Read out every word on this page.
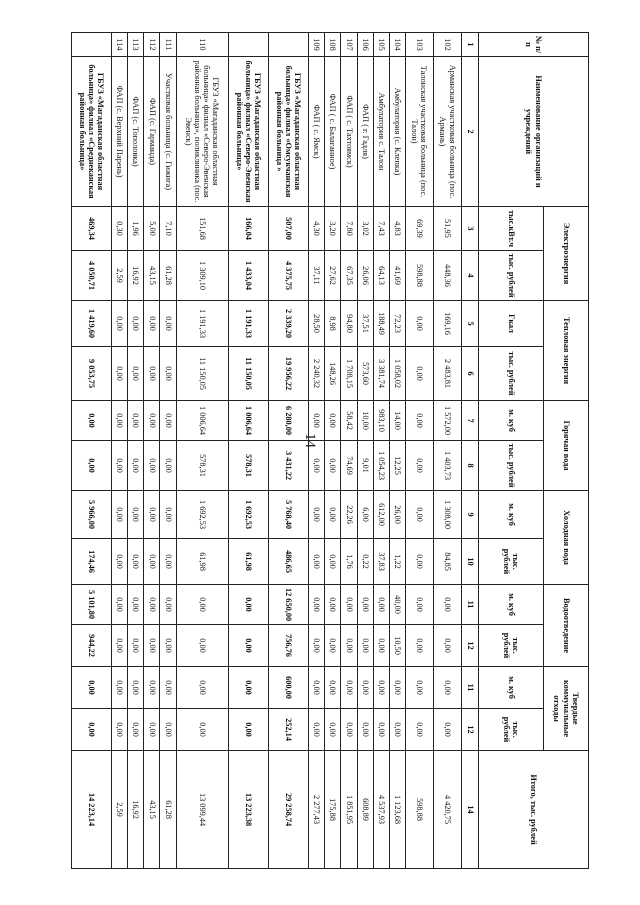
14
№ п/п	Наименование организаций и учреждений	Электроэнергия		Тепловая энергия		Горячая вода		Холодная вода		Водоотведение		Твердые коммунальные отходы		Итого, тыс. рублей
		тыс.кВт.ч	тыс. рублей	Гкал	тыс. рублей	м. куб	тыс. рублей	м. куб	тыс. рублей	м. куб	тыс. рублей	м. куб	тыс. рублей	
1	2	3	4	5	6	7	8	9	10	11	12	11	12	14
102	Арманская участковая больница (пос. Армань)	51,95	448,36	169,16	2 483,81	1 572,00	1 403,73	1 308,00	84,85	0,00	0,00	0,00	0,00	4 420,75
103	Талонская участковая больница (пос. Талон)	69,39	598,88	0,00	0,00	0,00	0,00	0,00	0,00	0,00	0,00	0,00	0,00	598,88
104	Амбулатория (с. Клепка)	4,83	41,69	72,23	1 058,02	14,00	12,25	26,00	1,22	40,00	10,50	0,00	0,00	1 123,68
105	Амбулатория с. Талон	7,43	64,13	188,49	3 381,74	983,10	1 054,23	612,00	37,83	0,00	0,00	0,00	0,00	4 537,93
106	ФАП ( г. Гадля)	3,02	26,06	37,51	573,60	10,00	9,01	6,00	0,22	0,00	0,00	0,00	0,00	608,89
107	ФАП ( с. Тахтоямск)	7,80	67,35	94,80	1 708,15	58,42	74,69	22,26	1,76	0,00	0,00	0,00	0,00	1 851,95
108	ФАП ( с. Балаганное)	3,20	27,62	8,98	148,26	0,00	0,00	0,00	0,00	0,00	0,00	0,00	0,00	175,88
109	ФАП ( с. Ямск)	4,30	37,11	28,50	2 240,32	0,00	0,00	0,00	0,00	0,00	0,00	0,00	0,00	2 277,43
	ГБУЗ «Магаданская областная больница» филиал «Омсукчанская районная больница »	507,00	4 375,75	2 339,20	19 956,22	6 280,00	3 431,22	5 768,40	486,65	12 650,00	756,76	600,00	252,14	29 258,74
	ГБУЗ «Магаданская областная больница» филиал «Северо-Эвенская районная больница»	166,04	1 433,04	1 191,33	11 150,05	1 006,64	578,31	1 692,53	61,98	0,00	0,00	0,00	0,00	13 223,38
110	ГБУЗ «Магаданская областная больница» филиал «Северо-Эвенская районная больница», поликлиника (пос. Эвенск)	151,68	1 309,10	1 191,33	11 150,05	1 006,64	578,31	1 692,53	61,98	0,00	0,00	0,00	0,00	13 099,44
111	Участковая больница (с. Гижига)	7,10	61,28	0,00	0,00	0,00	0,00	0,00	0,00	0,00	0,00	0,00	0,00	61,28
112	ФАП (с. Гарманда)	5,00	43,15	0,00	0,00	0,00	0,00	0,00	0,00	0,00	0,00	0,00	0,00	43,15
113	ФАП (с. Тополовка)	1,96	16,92	0,00	0,00	0,00	0,00	0,00	0,00	0,00	0,00	0,00	0,00	16,92
114	ФАП (с. Верхний Парень)	0,30	2,59	0,00	0,00	0,00	0,00	0,00	0,00	0,00	0,00	0,00	0,00	2,59
	ГБУЗ «Магаданская областная больница» филиал «Среднеканская районная больница»	469,34	4 050,71	1 419,60	9 053,75	0,00	0,00	5 966,00	174,46	5 101,80	944,22	0,00	0,00	14 223,14
